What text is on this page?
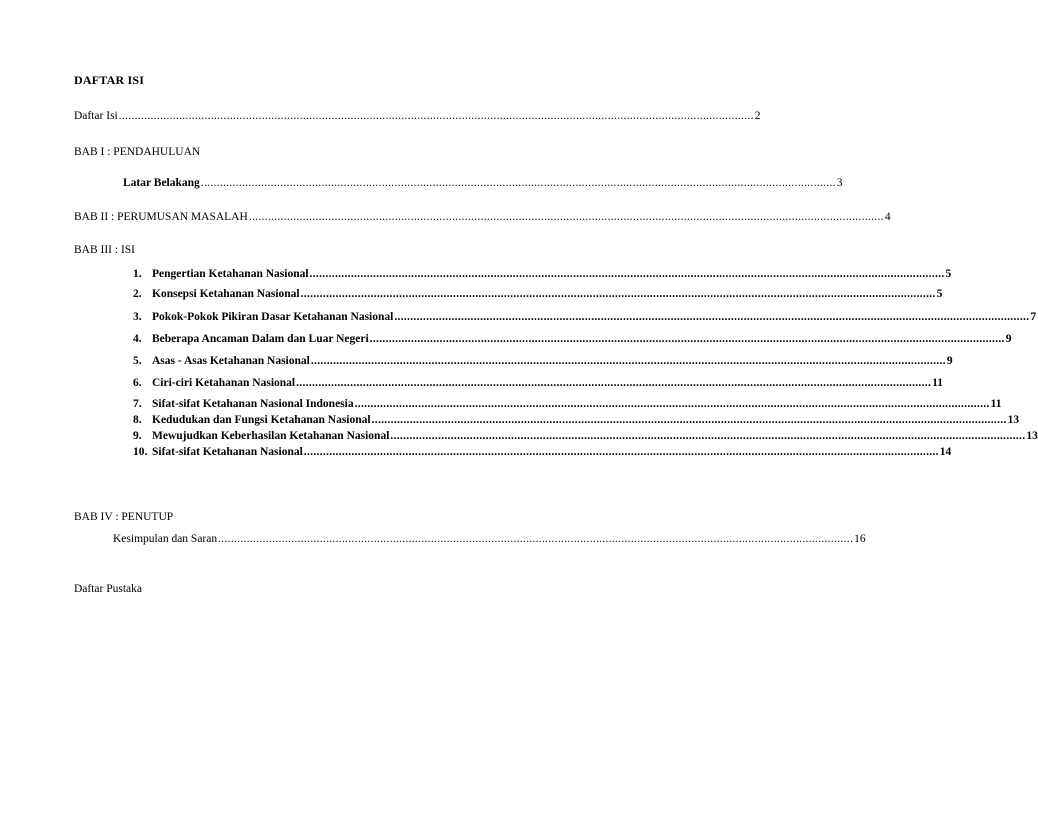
DAFTAR ISI
Daftar Isi ........................................................................................................................................................................................................ 2
BAB I : PENDAHULUAN
Latar Belakang ........................................................................................................................................................................................................ 3
BAB II : PERUMUSAN MASALAH ........................................................................................................................................................................................................ 4
BAB III : ISI
1. Pengertian Ketahanan Nasional ........................................................................................................................................................................................................ 5
2. Konsepsi Ketahanan Nasional ........................................................................................................................................................................................................ 5
3. Pokok-Pokok Pikiran Dasar Ketahanan Nasional ........................................................................................................................................................................................................ 7
4. Beberapa Ancaman Dalam dan Luar Negeri ........................................................................................................................................................................................................ 9
5. Asas - Asas Ketahanan Nasional ........................................................................................................................................................................................................ 9
6. Ciri-ciri Ketahanan Nasional ........................................................................................................................................................................................................ 11
7. Sifat-sifat Ketahanan Nasional Indonesia ........................................................................................................................................................................................................ 11
8. Kedudukan dan Fungsi Ketahanan Nasional ........................................................................................................................................................................................................ 13
9. Mewujudkan Keberhasilan Ketahanan Nasional ........................................................................................................................................................................................................ 13
10. Sifat-sifat Ketahanan Nasional ........................................................................................................................................................................................................ 14
BAB IV : PENUTUP
Kesimpulan dan Saran ........................................................................................................................................................................................................ 16
Daftar Pustaka
